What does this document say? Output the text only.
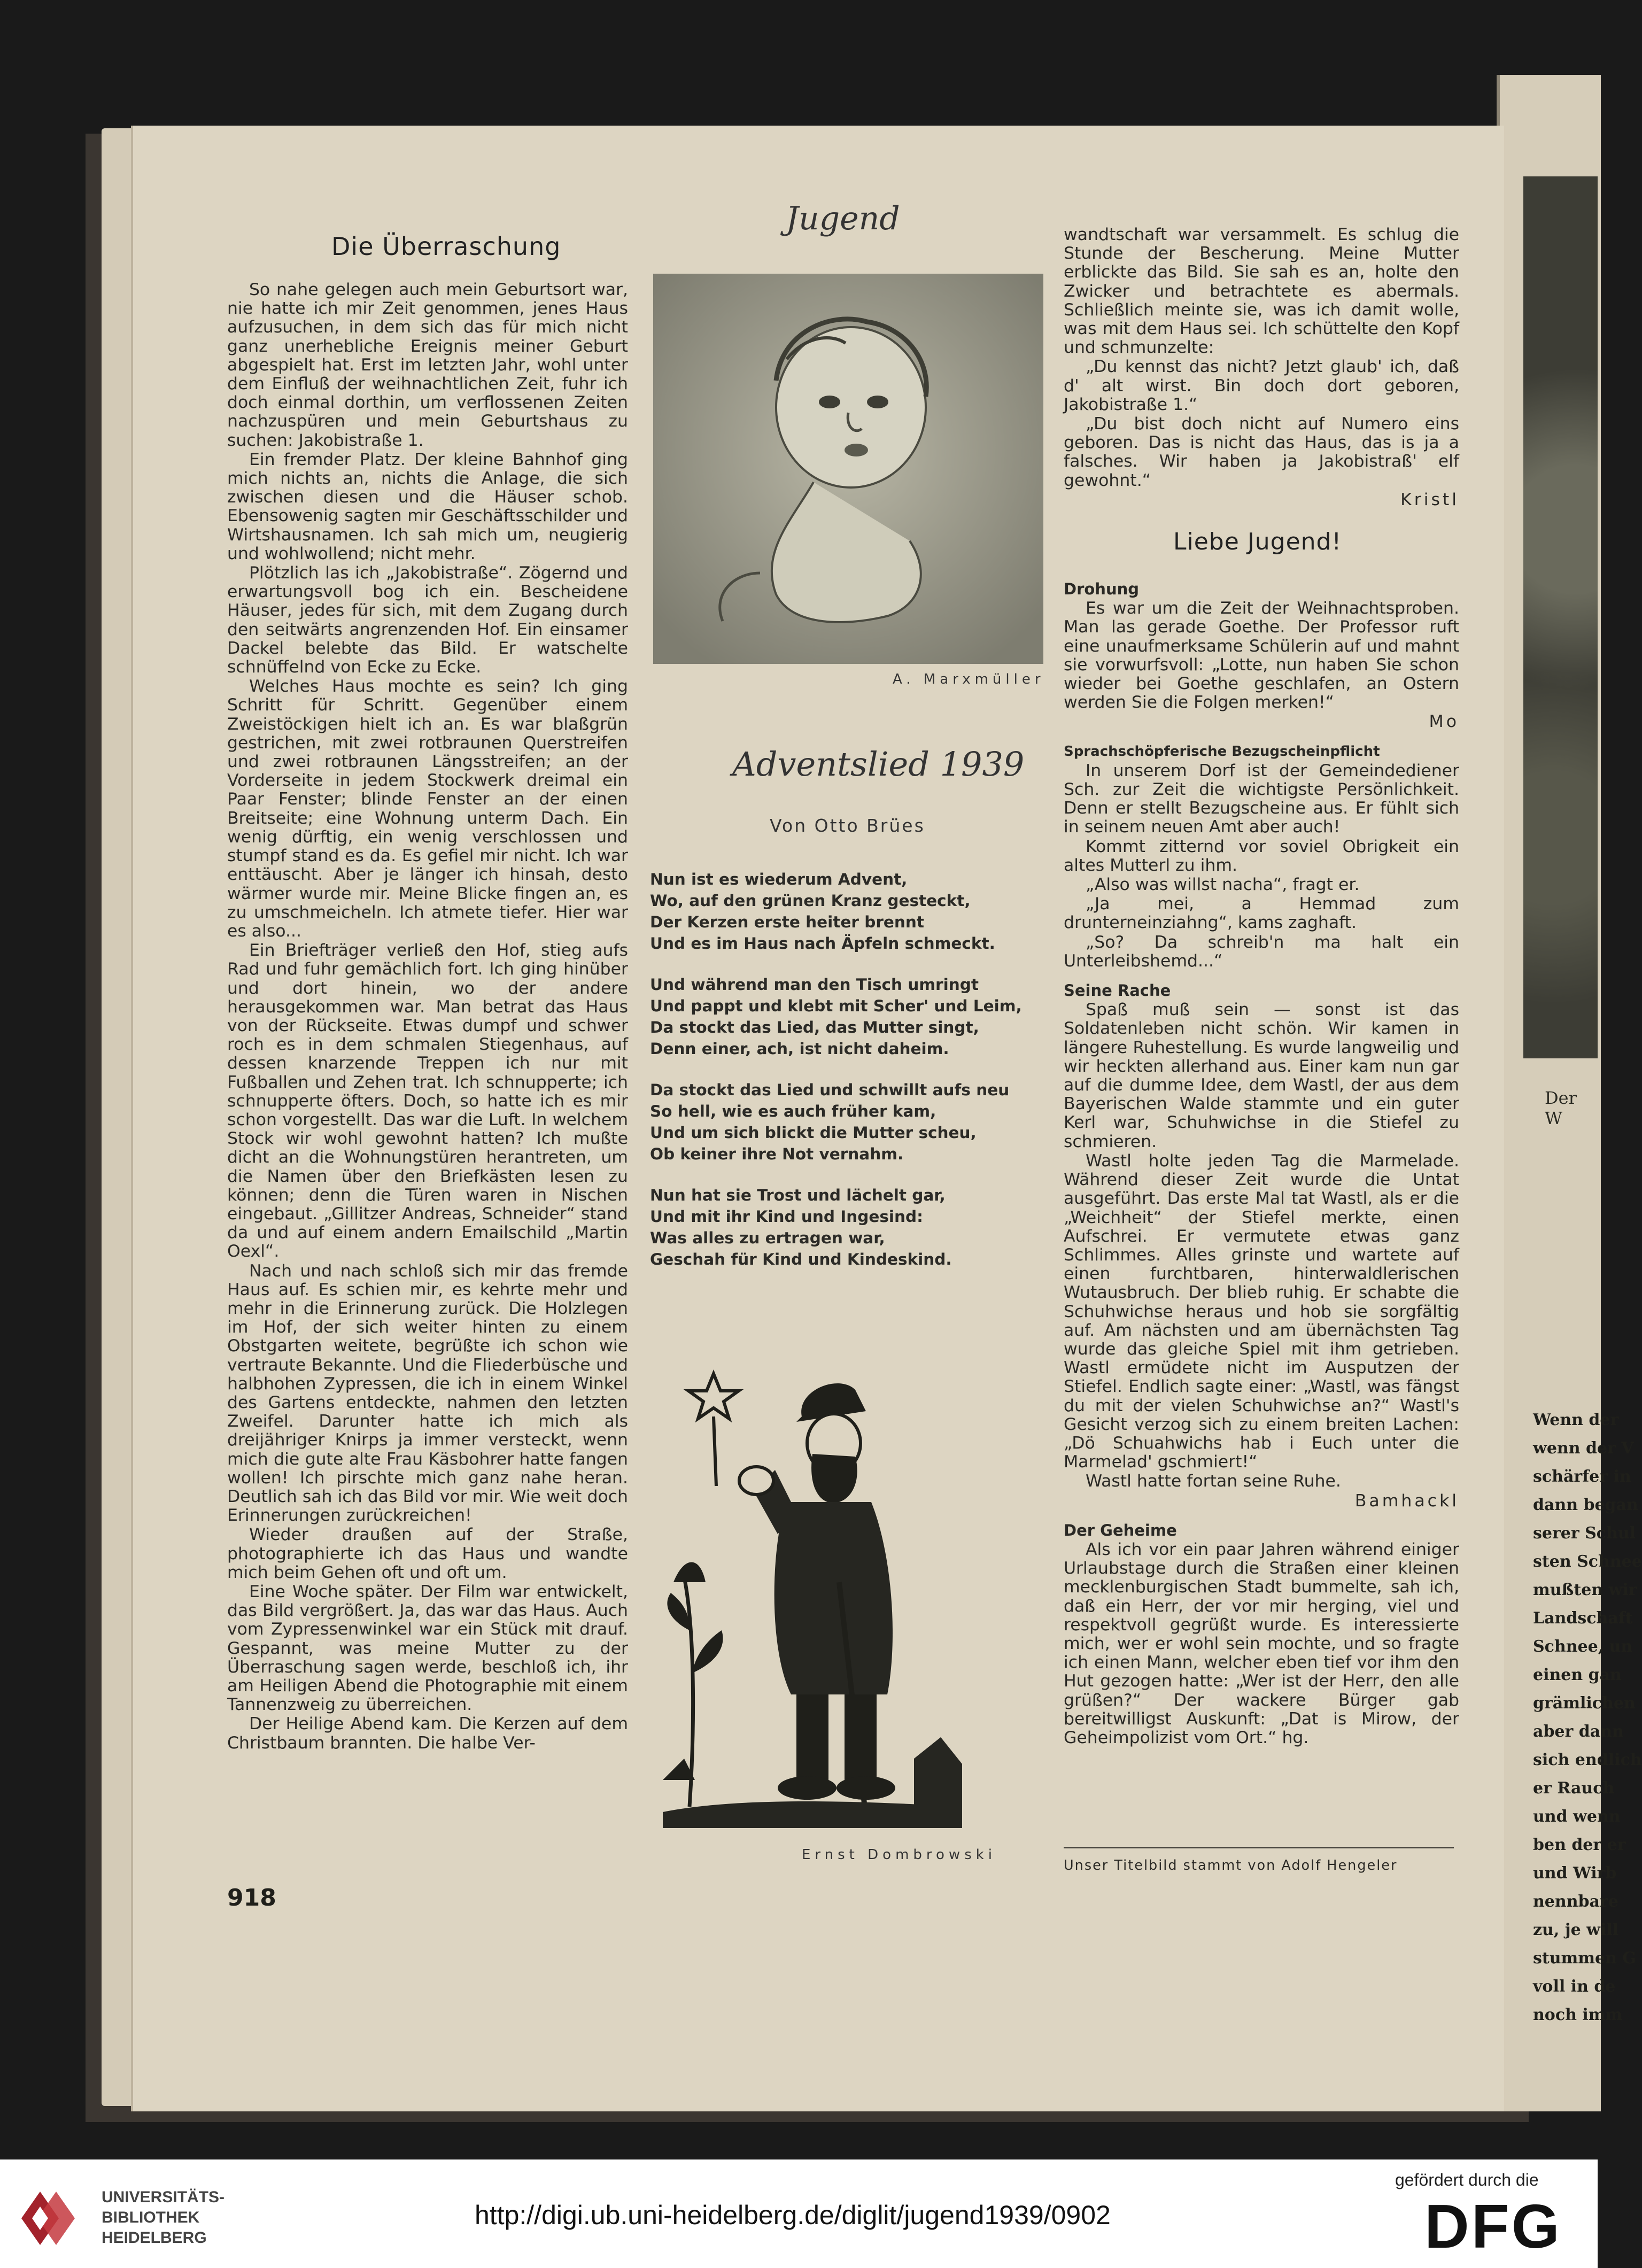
Der W
Wenn der
wenn der V
schärfer in
dann began
serer Schul
sten Schnee
mußten wir
Landschaft
Schnee, un
einen gan
grämlichen
aber dann
sich endlich
er Rauch
und wenn
ben der er
und Wirb
nennbare
zu, je will
stummen G
voll in de
noch imm
Die Überraschung

So nahe gelegen auch mein Geburtsort war, nie hatte ich mir Zeit genommen, jenes Haus aufzusuchen, in dem sich das für mich nicht ganz unerhebliche Ereignis meiner Geburt abgespielt hat. Erst im letzten Jahr, wohl unter dem Einfluß der weihnachtlichen Zeit, fuhr ich doch einmal dorthin, um verflossenen Zeiten nachzuspüren und mein Geburtshaus zu suchen: Jakobistraße 1.

Ein fremder Platz. Der kleine Bahnhof ging mich nichts an, nichts die Anlage, die sich zwischen diesen und die Häuser schob. Ebensowenig sagten mir Geschäftsschilder und Wirtshausnamen. Ich sah mich um, neugierig und wohlwollend; nicht mehr.

Plötzlich las ich „Jakobistraße“. Zögernd und erwartungsvoll bog ich ein. Bescheidene Häuser, jedes für sich, mit dem Zugang durch den seitwärts angrenzenden Hof. Ein einsamer Dackel belebte das Bild. Er watschelte schnüffelnd von Ecke zu Ecke.

Welches Haus mochte es sein? Ich ging Schritt für Schritt. Gegenüber einem Zweistöckigen hielt ich an. Es war blaßgrün gestrichen, mit zwei rotbraunen Querstreifen und zwei rotbraunen Längsstreifen; an der Vorderseite in jedem Stockwerk dreimal ein Paar Fenster; blinde Fenster an der einen Breitseite; eine Wohnung unterm Dach. Ein wenig dürftig, ein wenig verschlossen und stumpf stand es da. Es gefiel mir nicht. Ich war enttäuscht. Aber je länger ich hinsah, desto wärmer wurde mir. Meine Blicke fingen an, es zu umschmeicheln. Ich atmete tiefer. Hier war es also...

Ein Briefträger verließ den Hof, stieg aufs Rad und fuhr gemächlich fort. Ich ging hinüber und dort hinein, wo der andere herausgekommen war. Man betrat das Haus von der Rückseite. Etwas dumpf und schwer roch es in dem schmalen Stiegenhaus, auf dessen knarzende Treppen ich nur mit Fußballen und Zehen trat. Ich schnupperte; ich schnupperte öfters. Doch, so hatte ich es mir schon vorgestellt. Das war die Luft. In welchem Stock wir wohl gewohnt hatten? Ich mußte dicht an die Wohnungstüren herantreten, um die Namen über den Briefkästen lesen zu können; denn die Türen waren in Nischen eingebaut. „Gillitzer Andreas, Schneider“ stand da und auf einem andern Emailschild „Martin Oexl“.

Nach und nach schloß sich mir das fremde Haus auf. Es schien mir, es kehrte mehr und mehr in die Erinnerung zurück. Die Holzlegen im Hof, der sich weiter hinten zu einem Obstgarten weitete, begrüßte ich schon wie vertraute Bekannte. Und die Fliederbüsche und halbhohen Zypressen, die ich in einem Winkel des Gartens entdeckte, nahmen den letzten Zweifel. Darunter hatte ich mich als dreijähriger Knirps ja immer versteckt, wenn mich die gute alte Frau Käsbohrer hatte fangen wollen! Ich pirschte mich ganz nahe heran. Deutlich sah ich das Bild vor mir. Wie weit doch Erinnerungen zurückreichen!

Wieder draußen auf der Straße, photographierte ich das Haus und wandte mich beim Gehen oft und oft um.

Eine Woche später. Der Film war entwickelt, das Bild vergrößert. Ja, das war das Haus. Auch vom Zypressenwinkel war ein Stück mit drauf. Gespannt, was meine Mutter zu der Überraschung sagen werde, beschloß ich, ihr am Heiligen Abend die Photographie mit einem Tannenzweig zu überreichen.

Der Heilige Abend kam. Die Kerzen auf dem Christbaum brannten. Die halbe Ver-

918
Jugend
A. Marxmüller
Adventslied 1939
Von Otto Brües
Nun ist es wiederum Advent,
Wo, auf den grünen Kranz gesteckt,
Der Kerzen erste heiter brennt
Und es im Haus nach Äpfeln schmeckt.
Und während man den Tisch umringt
Und pappt und klebt mit Scher' und Leim,
Da stockt das Lied, das Mutter singt,
Denn einer, ach, ist nicht daheim.
Da stockt das Lied und schwillt aufs neu
So hell, wie es auch früher kam,
Und um sich blickt die Mutter scheu,
Ob keiner ihre Not vernahm.
Nun hat sie Trost und lächelt gar,
Und mit ihr Kind und Ingesind:
Was alles zu ertragen war,
Geschah für Kind und Kindeskind.
Ernst Dombrowski

wandtschaft war versammelt. Es schlug die Stunde der Bescherung. Meine Mutter erblickte das Bild. Sie sah es an, holte den Zwicker und betrachtete es abermals. Schließlich meinte sie, was ich damit wolle, was mit dem Haus sei. Ich schüttelte den Kopf und schmunzelte:

„Du kennst das nicht? Jetzt glaub' ich, daß d' alt wirst. Bin doch dort geboren, Jakobistraße 1.“

„Du bist doch nicht auf Numero eins geboren. Das is nicht das Haus, das is ja a falsches. Wir haben ja Jakobistraß' elf gewohnt.“

Kristl

Liebe Jugend!

Drohung

Es war um die Zeit der Weihnachtsproben. Man las gerade Goethe. Der Professor ruft eine unaufmerksame Schülerin auf und mahnt sie vorwurfsvoll: „Lotte, nun haben Sie schon wieder bei Goethe geschlafen, an Ostern werden Sie die Folgen merken!“

Mo

Sprachschöpferische Bezugscheinpflicht

In unserem Dorf ist der Gemeindediener Sch. zur Zeit die wichtigste Persönlichkeit. Denn er stellt Bezugscheine aus. Er fühlt sich in seinem neuen Amt aber auch!

Kommt zitternd vor soviel Obrigkeit ein altes Mutterl zu ihm.

„Also was willst nacha“, fragt er.

„Ja mei, a Hemmad zum drunterneinziahng“, kams zaghaft.

„So? Da schreib'n ma halt ein Unterleibshemd...“

Seine Rache

Spaß muß sein — sonst ist das Soldatenleben nicht schön. Wir kamen in längere Ruhestellung. Es wurde langweilig und wir heckten allerhand aus. Einer kam nun gar auf die dumme Idee, dem Wastl, der aus dem Bayerischen Walde stammte und ein guter Kerl war, Schuhwichse in die Stiefel zu schmieren.

Wastl holte jeden Tag die Marmelade. Während dieser Zeit wurde die Untat ausgeführt. Das erste Mal tat Wastl, als er die „Weichheit“ der Stiefel merkte, einen Aufschrei. Er vermutete etwas ganz Schlimmes. Alles grinste und wartete auf einen furchtbaren, hinterwaldlerischen Wutausbruch. Der blieb ruhig. Er schabte die Schuhwichse heraus und hob sie sorgfältig auf. Am nächsten und am übernächsten Tag wurde das gleiche Spiel mit ihm getrieben. Wastl ermüdete nicht im Ausputzen der Stiefel. Endlich sagte einer: „Wastl, was fängst du mit der vielen Schuhwichse an?“ Wastl's Gesicht verzog sich zu einem breiten Lachen: „Dö Schuahwichs hab i Euch unter die Marmelad' gschmiert!“

Wastl hatte fortan seine Ruhe.

Bamhackl

Der Geheime

Als ich vor ein paar Jahren während einiger Urlaubstage durch die Straßen einer kleinen mecklenburgischen Stadt bummelte, sah ich, daß ein Herr, der vor mir herging, viel und respektvoll gegrüßt wurde. Es interessierte mich, wer er wohl sein mochte, und so fragte ich einen Mann, welcher eben tief vor ihm den Hut gezogen hatte: „Wer ist der Herr, den alle grüßen?“ Der wackere Bürger gab bereitwilligst Auskunft: „Dat is Mirow, der Geheimpolizist vom Ort.“ hg.

Unser Titelbild stammt von Adolf Hengeler
UNIVERSITÄTS-
BIBLIOTHEK
HEIDELBERG
http://digi.ub.uni-heidelberg.de/diglit/jugend1939/0902
gefördert durch die
DFG
